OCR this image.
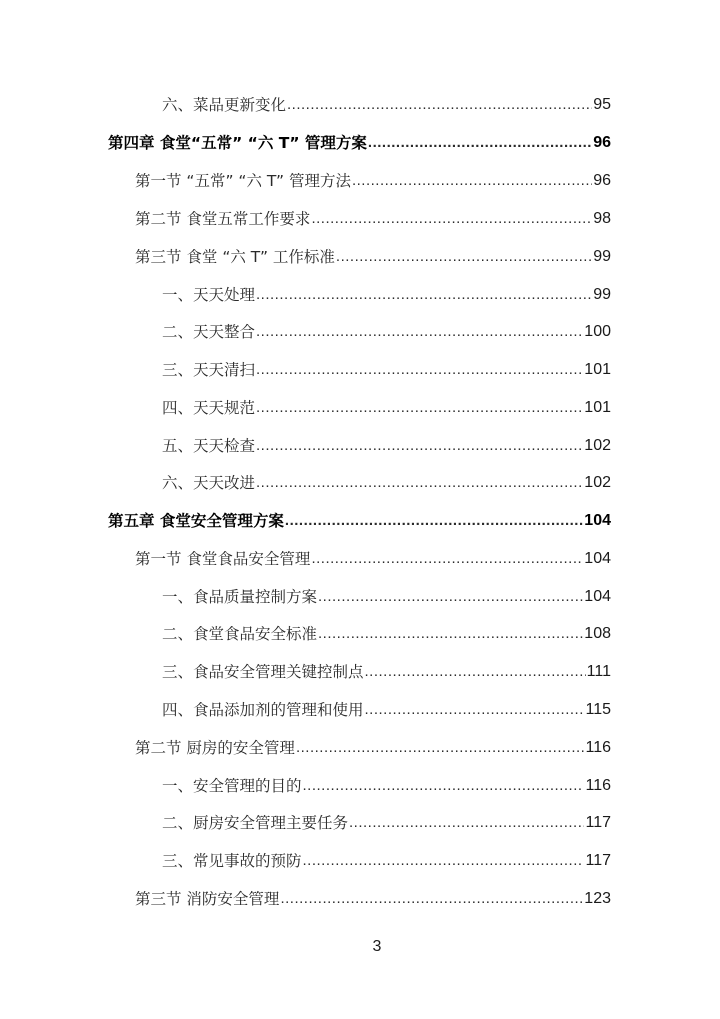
六、菜品更新变化 .....	95
第四章 食堂“五常” “六 T” 管理方案 .....	96
第一节 “五常” “六 T” 管理方法 .....	96
第二节 食堂五常工作要求 .....	98
第三节 食堂 “六 T” 工作标准 .....	99
一、天天处理 .....	99
二、天天整合 .....	100
三、天天清扫 .....	101
四、天天规范 .....	101
五、天天检查 .....	102
六、天天改进 .....	102
第五章 食堂安全管理方案 .....	104
第一节 食堂食品安全管理 .....	104
一、食品质量控制方案 .....	104
二、食堂食品安全标准 .....	108
三、食品安全管理关键控制点 .....	111
四、食品添加剂的管理和使用 .....	115
第二节 厨房的安全管理 .....	116
一、安全管理的目的 .....	116
二、厨房安全管理主要任务 .....	117
三、常见事故的预防 .....	117
第三节 消防安全管理 .....	123
3
